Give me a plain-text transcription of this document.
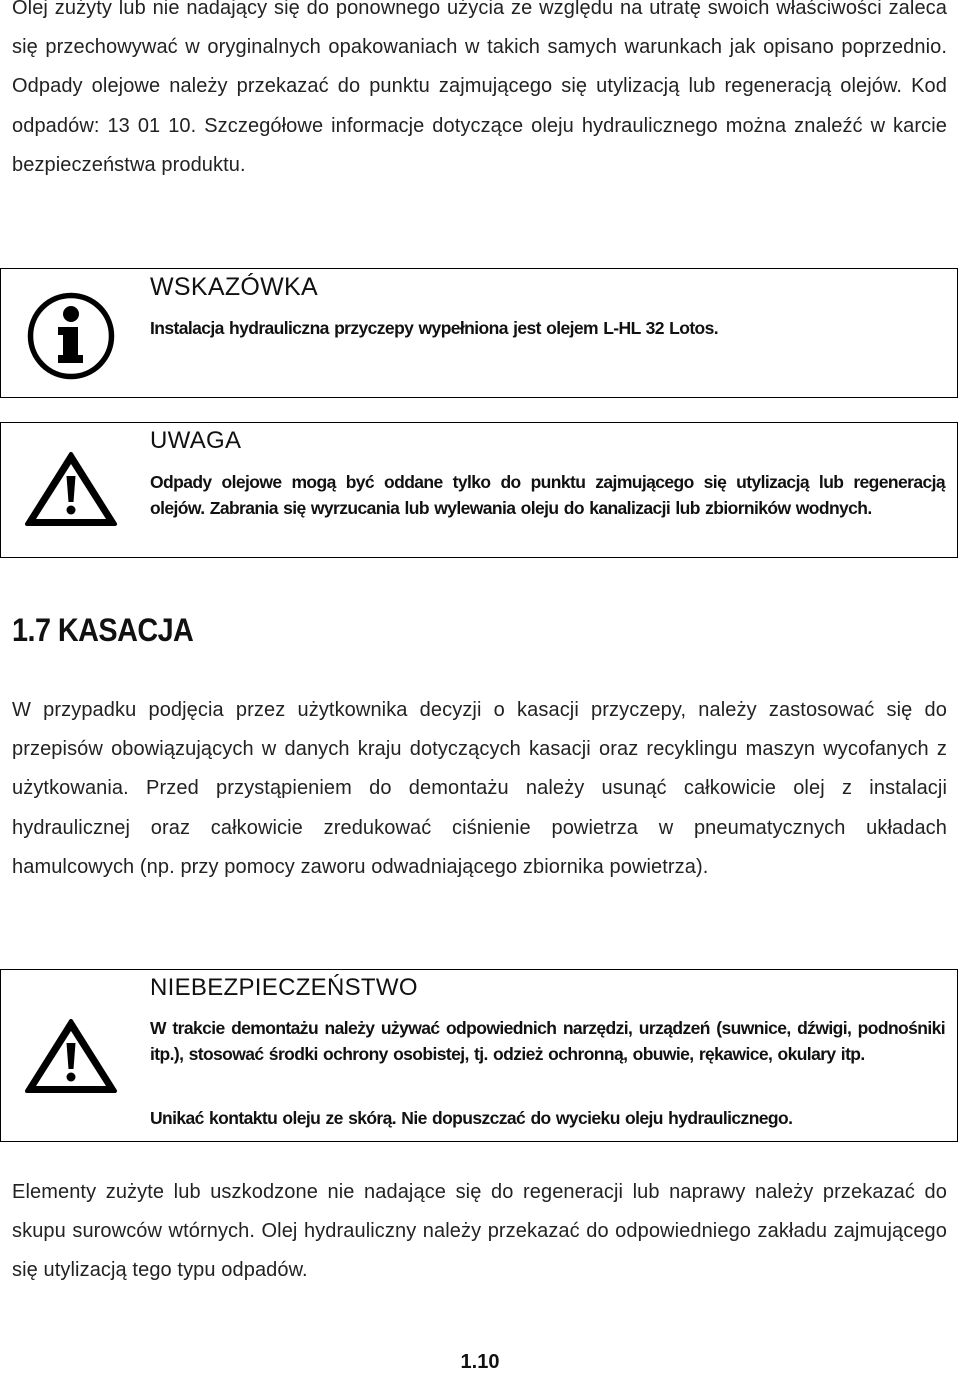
Olej zużyty lub nie nadający się do ponownego użycia ze względu na utratę swoich właściwości zaleca się przechowywać w oryginalnych opakowaniach w takich samych warunkach jak opisano poprzednio. Odpady olejowe należy przekazać do punktu zajmującego się utylizacją lub regeneracją olejów. Kod odpadów: 13 01 10. Szczegółowe informacje dotyczące oleju hydraulicznego można znaleźć w karcie bezpieczeństwa produktu.

WSKAZÓWKA
Instalacja hydrauliczna przyczepy wypełniona jest olejem L-HL 32 Lotos.
UWAGA
Odpady olejowe mogą być oddane tylko do punktu zajmującego się utylizacją lub regeneracją olejów. Zabrania się wyrzucania lub wylewania oleju do kanalizacji lub zbiorników wodnych.
1.7 KASACJA

W przypadku podjęcia przez użytkownika decyzji o kasacji przyczepy, należy zastosować się do przepisów obowiązujących w danych kraju dotyczących kasacji oraz recyklingu maszyn wycofanych z użytkowania. Przed przystąpieniem do demontażu należy usunąć całkowicie olej z instalacji hydraulicznej oraz całkowicie zredukować ciśnienie powietrza w pneumatycznych układach hamulcowych (np. przy pomocy zaworu odwadniającego zbiornika powietrza).

NIEBEZPIECZEŃSTWO
W trakcie demontażu należy używać odpowiednich narzędzi, urządzeń (suwnice, dźwigi, podnośniki itp.), stosować środki ochrony osobistej, tj. odzież ochronną, obuwie, rękawice, okulary itp.
Unikać kontaktu oleju ze skórą. Nie dopuszczać do wycieku oleju hydraulicznego.

Elementy zużyte lub uszkodzone nie nadające się do regeneracji lub naprawy należy przekazać do skupu surowców wtórnych. Olej hydrauliczny należy przekazać do odpowiedniego zakładu zajmującego się utylizacją tego typu odpadów.

1.10
